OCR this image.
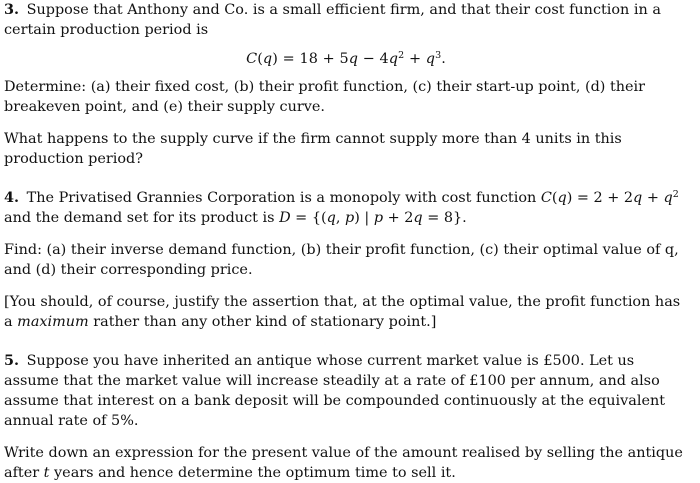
3. Suppose that Anthony and Co. is a small efficient firm, and that their cost function in a certain production period is

$C(q) = 18 + 5q - 4q^2 + q^3$.

Determine: (a) their fixed cost, (b) their profit function, (c) their start-up point, (d) their breakeven point, and (e) their supply curve.

What happens to the supply curve if the firm cannot supply more than 4 units in this production period?

4. The Privatised Grannies Corporation is a monopoly with cost function $C(q) = 2 + 2q + q^2$ and the demand set for its product is D = {(q, p) | p + 2q = 8}.

Find: (a) their inverse demand function, (b) their profit function, (c) their optimal value of q, and (d) their corresponding price.

[You should, of course, justify the assertion that, at the optimal value, the profit function has a maximum rather than any other kind of stationary point.]

5. Suppose you have inherited an antique whose current market value is £500. Let us assume that the market value will increase steadily at a rate of £100 per annum, and also assume that interest on a bank deposit will be compounded continuously at the equivalent annual rate of 5%.

Write down an expression for the present value of the amount realised by selling the antique after t years and hence determine the optimum time to sell it.
